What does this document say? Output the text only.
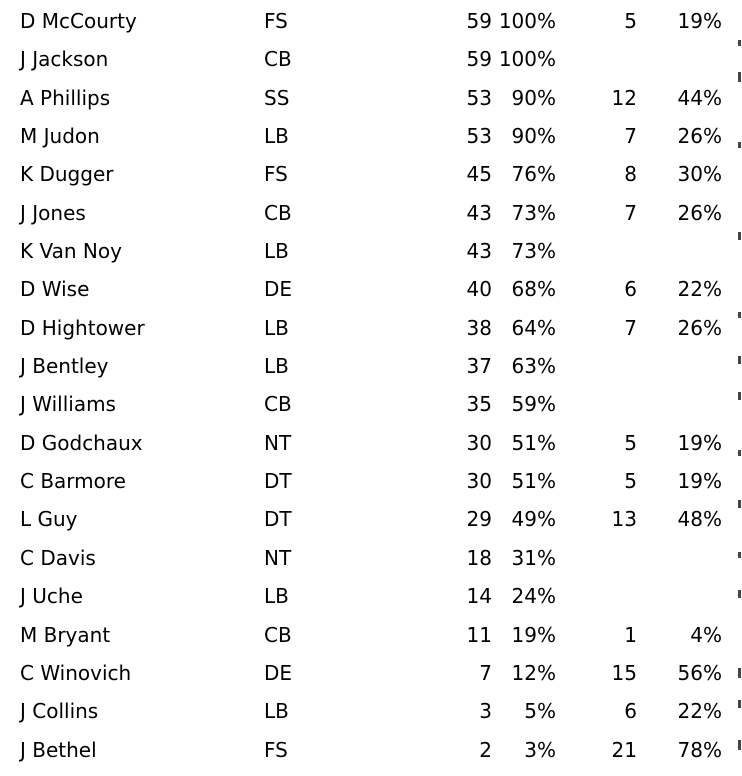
D McCourty	FS	59 100%	5 19%
J Jackson	CB	59 100%
A Phillips	SS	53 90%	12 44%
M Judon	LB	53 90%	7 26%
K Dugger	FS	45 76%	8 30%
J Jones	CB	43 73%	7 26%
K Van Noy	LB	43 73%
D Wise	DE	40 68%	6 22%
D Hightower	LB	38 64%	7 26%
J Bentley	LB	37 63%
J Williams	CB	35 59%
D Godchaux	NT	30 51%	5 19%
C Barmore	DT	30 51%	5 19%
L Guy	DT	29 49%	13 48%
C Davis	NT	18 31%
J Uche	LB	14 24%
M Bryant	CB	11 19%	1	4%
C Winovich	DE	7 12%	15 56%
J Collins	LB	3 5%	6 22%
J Bethel	FS	2 3%	21 78%
